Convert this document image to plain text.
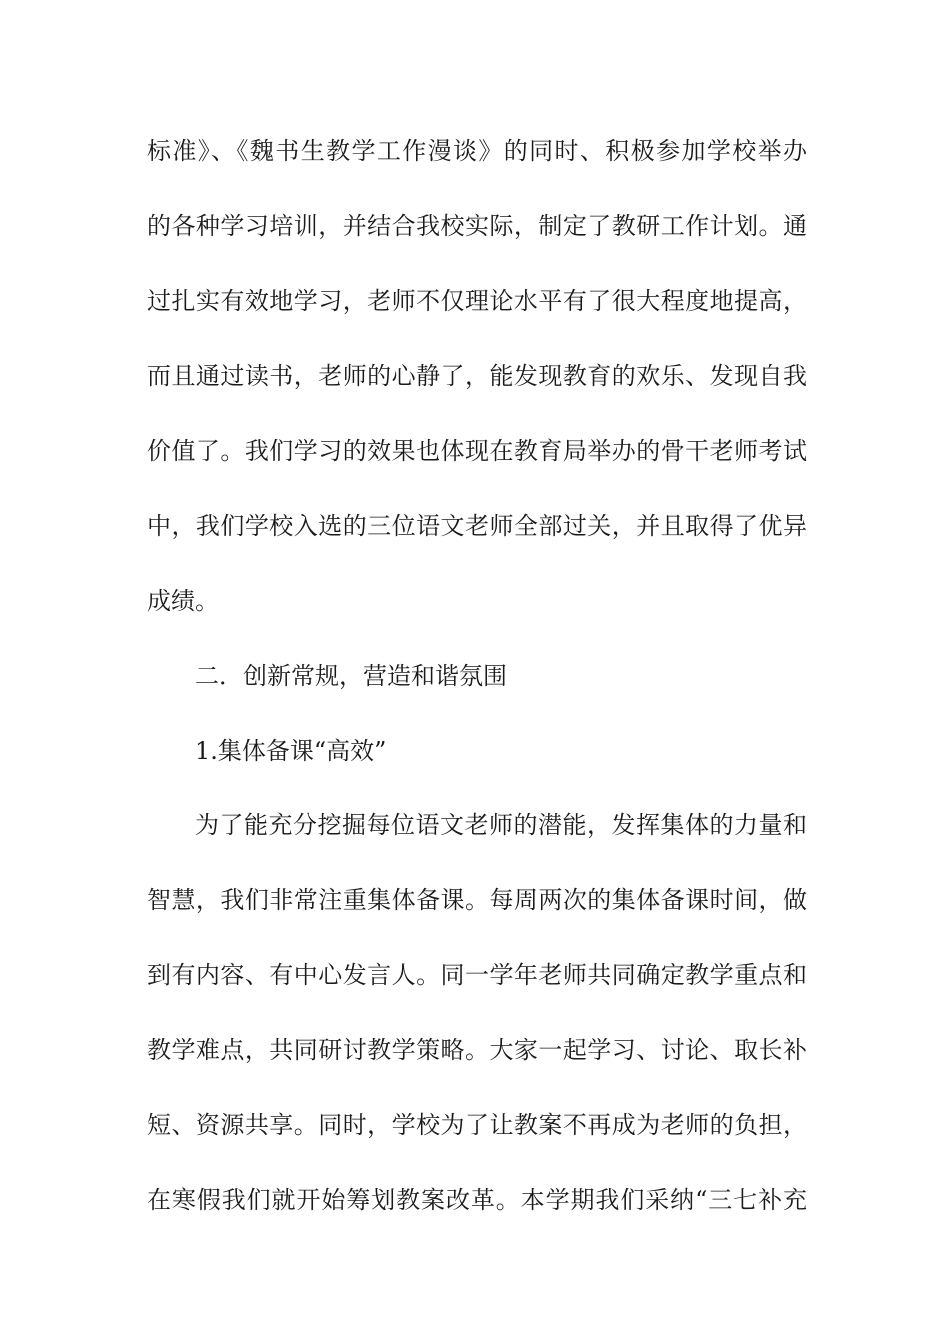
标准》、《魏书生教学工作漫谈》的同时、积极参加学校举办
的各种学习培训，并结合我校实际，制定了教研工作计划。通
过扎实有效地学习，老师不仅理论水平有了很大程度地提高，
而且通过读书，老师的心静了，能发现教育的欢乐、发现自我
价值了。我们学习的效果也体现在教育局举办的骨干老师考试
中，我们学校入选的三位语文老师全部过关，并且取得了优异
成绩。
二．创新常规，营造和谐氛围
1.集体备课“高效”
为了能充分挖掘每位语文老师的潜能，发挥集体的力量和
智慧，我们非常注重集体备课。每周两次的集体备课时间，做
到有内容、有中心发言人。同一学年老师共同确定教学重点和
教学难点，共同研讨教学策略。大家一起学习、讨论、取长补
短、资源共享。同时，学校为了让教案不再成为老师的负担，
在寒假我们就开始筹划教案改革。本学期我们采纳“三七补充
